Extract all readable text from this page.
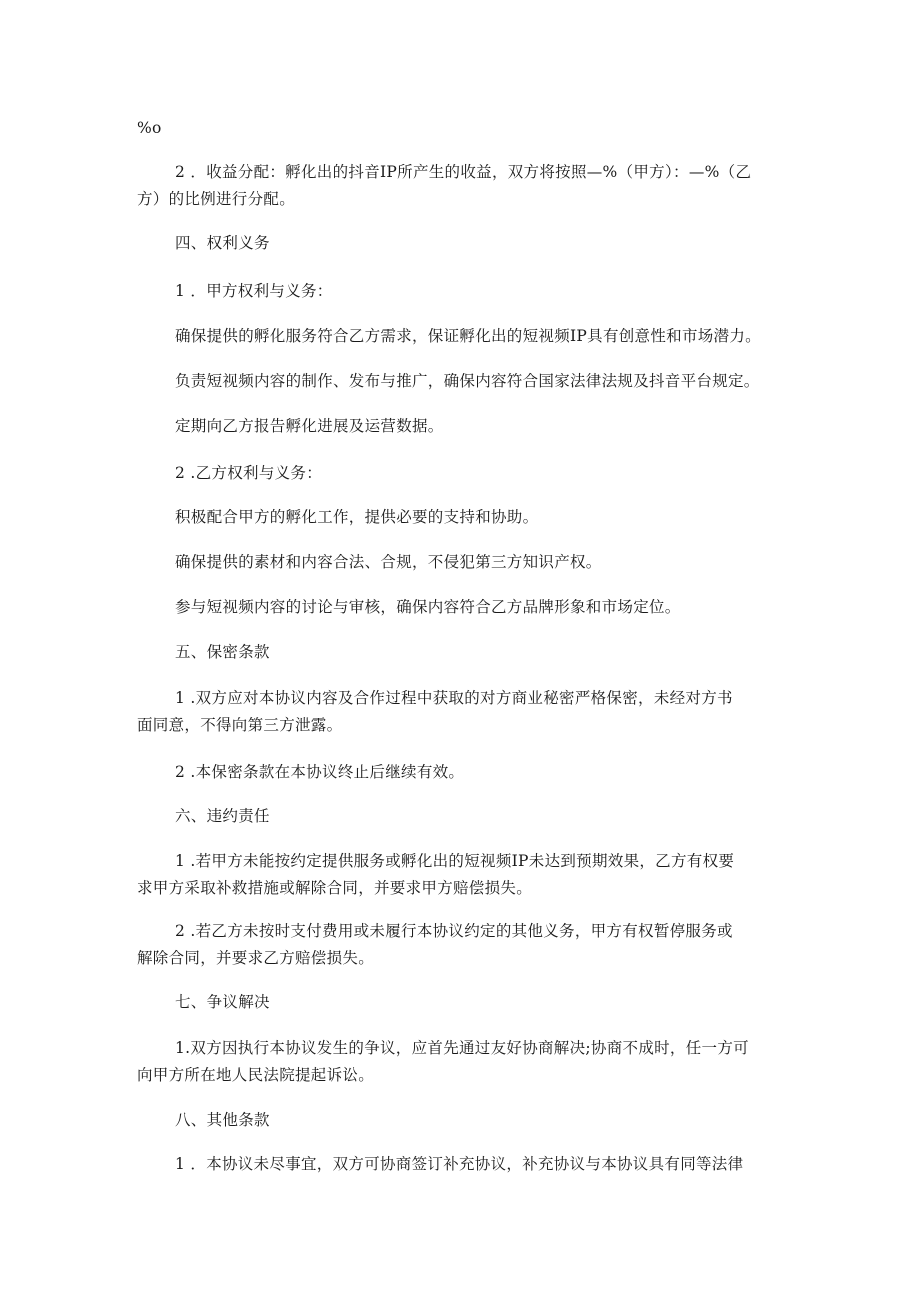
%o
2 ．收益分配：孵化出的抖音IP所产生的收益，双方将按照—%（甲方）：—%（乙
方）的比例进行分配。
四、权利义务
1 ．甲方权利与义务：
确保提供的孵化服务符合乙方需求，保证孵化出的短视频IP具有创意性和市场潜力。
负责短视频内容的制作、发布与推广，确保内容符合国家法律法规及抖音平台规定。
定期向乙方报告孵化进展及运营数据。
2 .乙方权利与义务：
积极配合甲方的孵化工作，提供必要的支持和协助。
确保提供的素材和内容合法、合规，不侵犯第三方知识产权。
参与短视频内容的讨论与审核，确保内容符合乙方品牌形象和市场定位。
五、保密条款
1 .双方应对本协议内容及合作过程中获取的对方商业秘密严格保密，未经对方书
面同意，不得向第三方泄露。
2 .本保密条款在本协议终止后继续有效。
六、违约责任
1 .若甲方未能按约定提供服务或孵化出的短视频IP未达到预期效果，乙方有权要
求甲方采取补救措施或解除合同，并要求甲方赔偿损失。
2 .若乙方未按时支付费用或未履行本协议约定的其他义务，甲方有权暂停服务或
解除合同，并要求乙方赔偿损失。
七、争议解决
1.双方因执行本协议发生的争议，应首先通过友好协商解决;协商不成时，任一方可
向甲方所在地人民法院提起诉讼。
八、其他条款
1 ．本协议未尽事宜，双方可协商签订补充协议，补充协议与本协议具有同等法律
